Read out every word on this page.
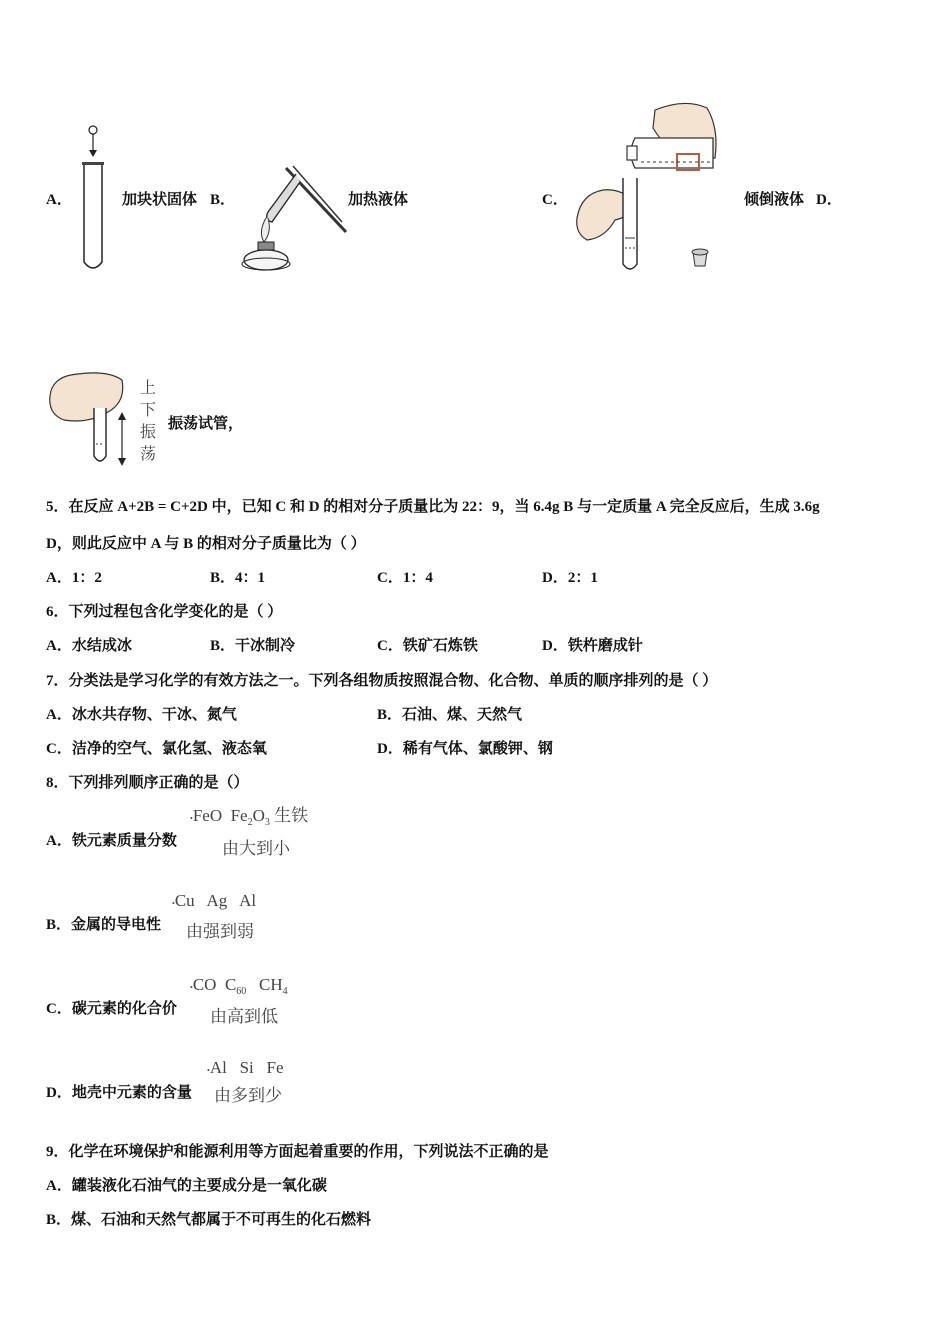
A．	加块状固体 B．	加热液体	C．	倾倒液体 D．
上
下
振
荡
振荡试管，
5．在反应 A+2B = C+2D 中，已知 C 和 D 的相对分子质量比为 22：9，当 6.4g B 与一定质量 A 完全反应后，生成 3.6g
D，则此反应中 A 与 B 的相对分子质量比为（ ）
A．1：2	B．4：1	C．1：4	D．2：1
6．下列过程包含化学变化的是（ ）
A．水结成冰	B．干冰制冷	C．铁矿石炼铁	D．铁杵磨成针
7．分类法是学习化学的有效方法之一。下列各组物质按照混合物、化合物、单质的顺序排列的是（ ）
A．冰水共存物、干冰、氮气	B．石油、煤、天然气
C．洁净的空气、氯化氢、液态氧	D．稀有气体、氯酸钾、钢
8．下列排列顺序正确的是（）
A．铁元素质量分数
•FeO $Fe_2O_3$ 生铁
由大到小
B．金属的导电性
•Cu Ag Al
由强到弱
C．碳元素的化合价
•CO $C_{60}$ $CH_4$
由高到低
D．地壳中元素的含量
•Al Si Fe
由多到少
9．化学在环境保护和能源利用等方面起着重要的作用，下列说法不正确的是
A．罐装液化石油气的主要成分是一氧化碳
B．煤、石油和天然气都属于不可再生的化石燃料
